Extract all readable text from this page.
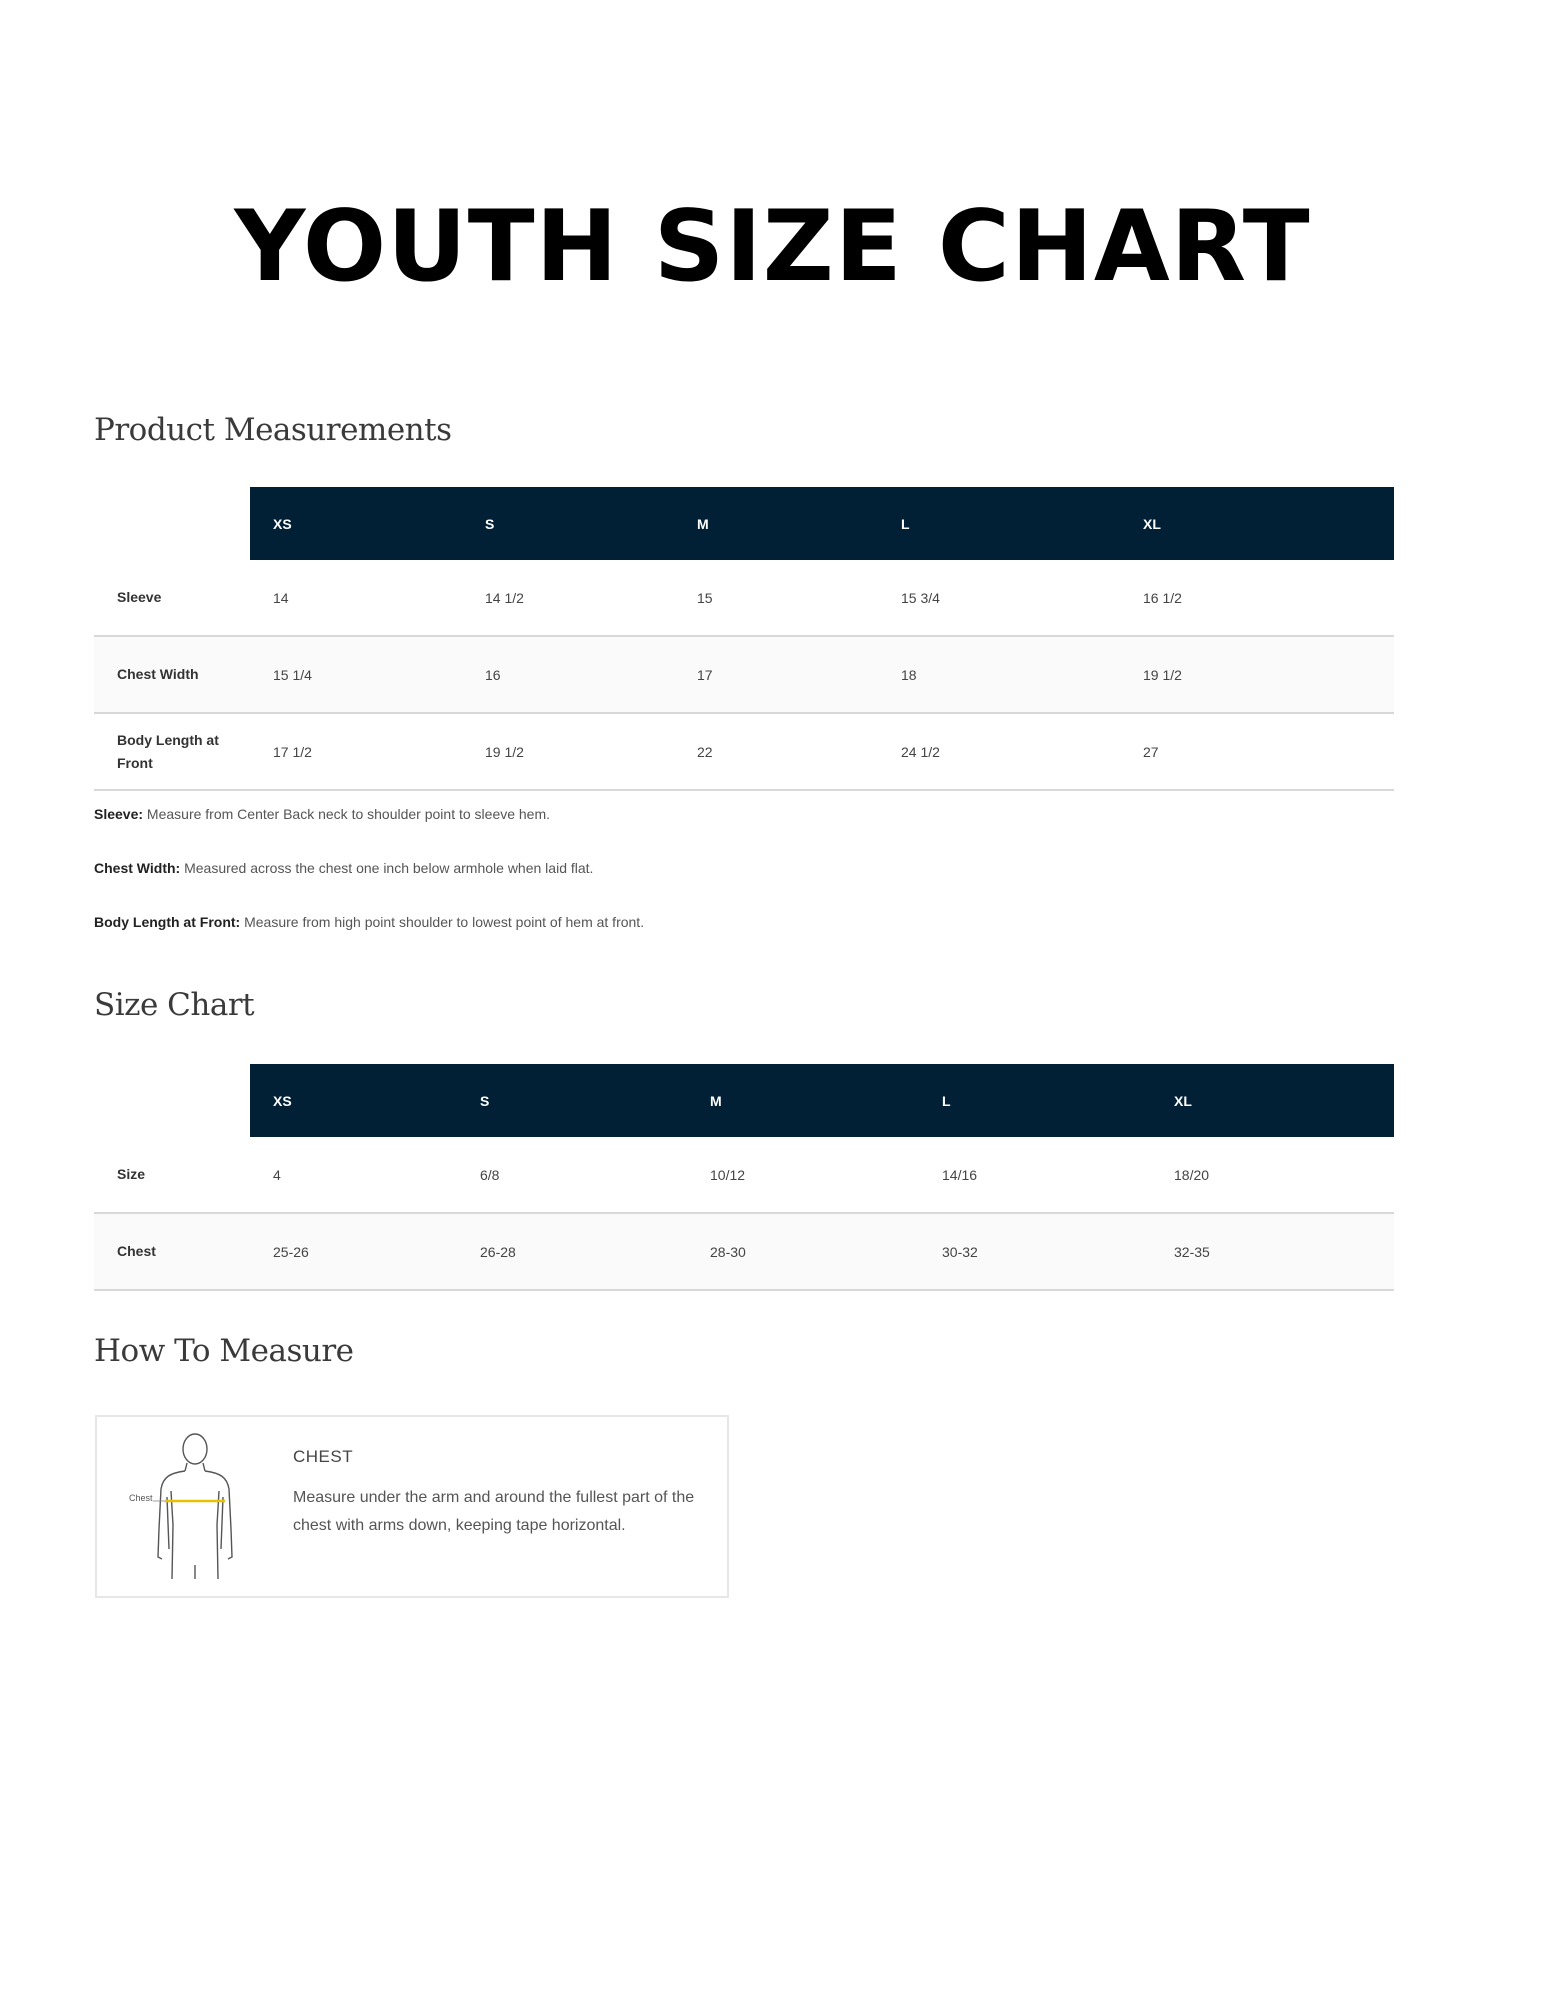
YOUTH SIZE CHART
Product Measurements
	XS	S	M	L	XL
Sleeve	14	14 1/2	15	15 3/4	16 1/2
Chest Width	15 1/4	16	17	18	19 1/2
Body Length at Front	17 1/2	19 1/2	22	24 1/2	27

Sleeve: Measure from Center Back neck to shoulder point to sleeve hem.

Chest Width: Measured across the chest one inch below armhole when laid flat.

Body Length at Front: Measure from high point shoulder to lowest point of hem at front.

Size Chart
	XS	S	M	L	XL
Size	4	6/8	10/12	14/16	18/20
Chest	25-26	26-28	28-30	30-32	32-35
How To Measure
Chest

CHEST

Measure under the arm and around the fullest part of the chest with arms down, keeping tape horizontal.
